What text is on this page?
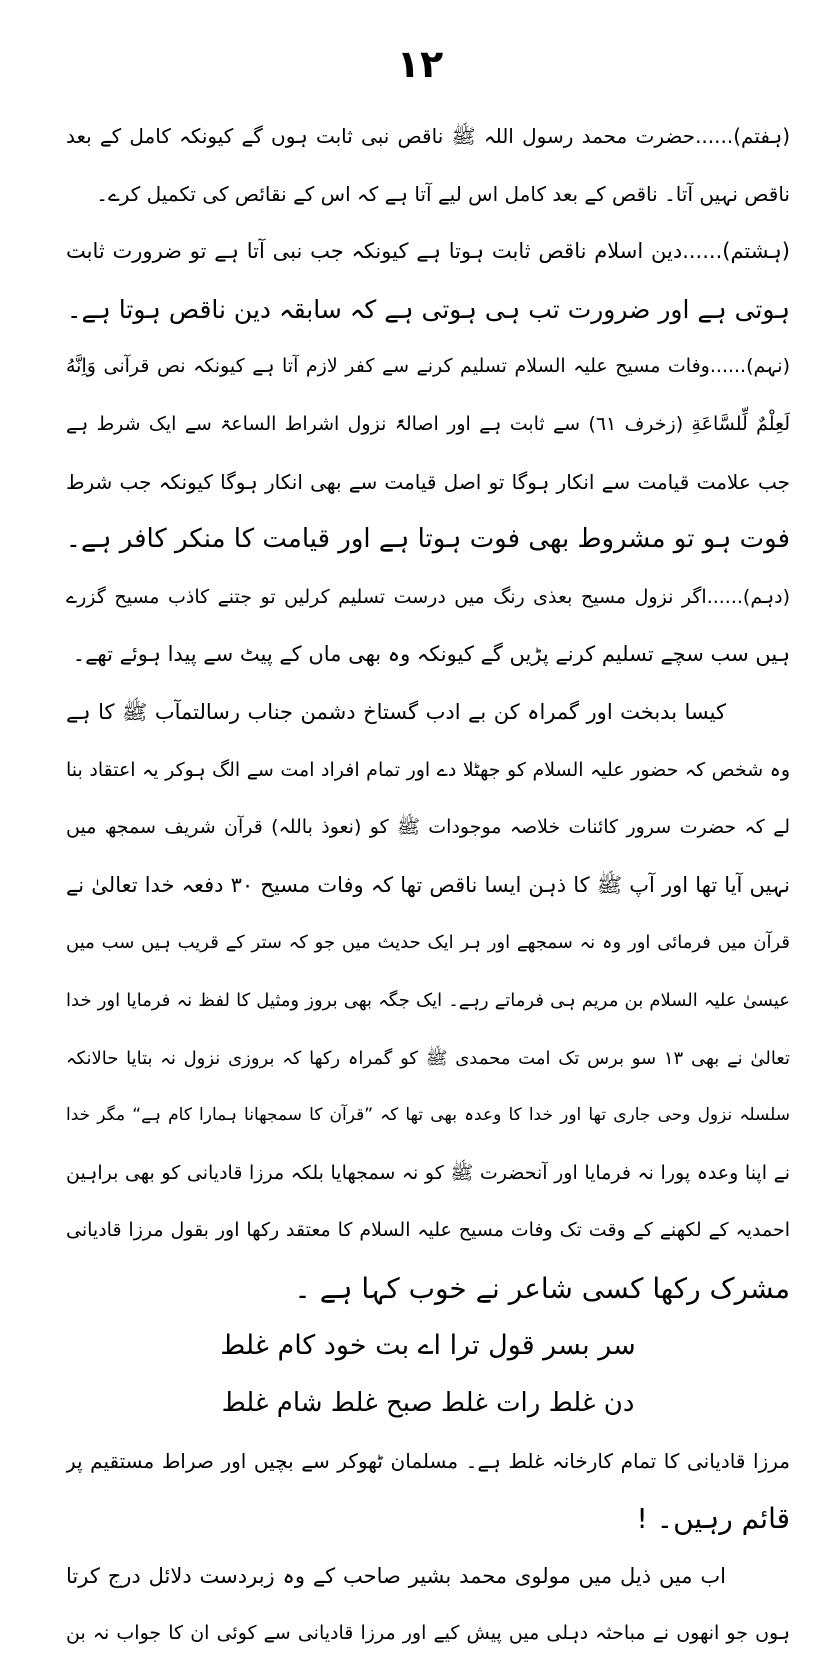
۱۲
(ہفتم)......حضرت محمد رسول اللہ ﷺ ناقص نبی ثابت ہوں گے کیونکہ کامل کے بعد
ناقص نہیں آتا۔ ناقص کے بعد کامل اس لیے آتا ہے کہ اس کے نقائص کی تکمیل کرے۔
(ہشتم)......دین اسلام ناقص ثابت ہوتا ہے کیونکہ جب نبی آتا ہے تو ضرورت ثابت
ہوتی ہے اور ضرورت تب ہی ہوتی ہے کہ سابقہ دین ناقص ہوتا ہے۔
(نہم)......وفات مسیح علیہ السلام تسلیم کرنے سے کفر لازم آتا ہے کیونکہ نص قرآنی وَاِنَّهُ
لَعِلْمٌ لِّلسَّاعَةِ (زخرف ٦١) سے ثابت ہے اور اصالۃً نزول اشراط الساعۃ سے ایک شرط ہے
جب علامت قیامت سے انکار ہوگا تو اصل قیامت سے بھی انکار ہوگا کیونکہ جب شرط
فوت ہو تو مشروط بھی فوت ہوتا ہے اور قیامت کا منکر کافر ہے۔
(دہم)......اگر نزول مسیح بعذی رنگ میں درست تسلیم کرلیں تو جتنے کاذب مسیح گزرے
ہیں سب سچے تسلیم کرنے پڑیں گے کیونکہ وہ بھی ماں کے پیٹ سے پیدا ہوئے تھے۔
کیسا بدبخت اور گمراہ کن بے ادب گستاخ دشمن جناب رسالتمآب ﷺ کا ہے
وہ شخص کہ حضور علیہ السلام کو جھٹلا دے اور تمام افراد امت سے الگ ہوکر یہ اعتقاد بنا
لے کہ حضرت سرور کائنات خلاصہ موجودات ﷺ کو (نعوذ باللہ) قرآن شریف سمجھ میں
نہیں آیا تھا اور آپ ﷺ کا ذہن ایسا ناقص تھا کہ وفات مسیح ۳۰ دفعہ خدا تعالیٰ نے
قرآن میں فرمائی اور وہ نہ سمجھے اور ہر ایک حدیث میں جو کہ ستر کے قریب ہیں سب میں
عیسیٰ علیہ السلام بن مریم ہی فرماتے رہے۔ ایک جگہ بھی بروز ومثیل کا لفظ نہ فرمایا اور خدا
تعالیٰ نے بھی ۱۳ سو برس تک امت محمدی ﷺ کو گمراہ رکھا کہ بروزی نزول نہ بتایا حالانکہ
سلسلہ نزول وحی جاری تھا اور خدا کا وعدہ بھی تھا کہ ”قرآن کا سمجھانا ہمارا کام ہے“ مگر خدا
نے اپنا وعدہ پورا نہ فرمایا اور آنحضرت ﷺ کو نہ سمجھایا بلکہ مرزا قادیانی کو بھی براہین
احمدیہ کے لکھنے کے وقت تک وفات مسیح علیہ السلام کا معتقد رکھا اور بقول مرزا قادیانی
مشرک رکھا کسی شاعر نے خوب کہا ہے ۔
سر بسر قول ترا اے بت خود کام غلط
دن غلط رات غلط صبح غلط شام غلط
مرزا قادیانی کا تمام کارخانہ غلط ہے۔ مسلمان ٹھوکر سے بچیں اور صراط مستقیم پر
قائم رہیں۔ !
اب میں ذیل میں مولوی محمد بشیر صاحب کے وہ زبردست دلائل درج کرتا
ہوں جو انھوں نے مباحثہ دہلی میں پیش کیے اور مرزا قادیانی سے کوئی ان کا جواب نہ بن
